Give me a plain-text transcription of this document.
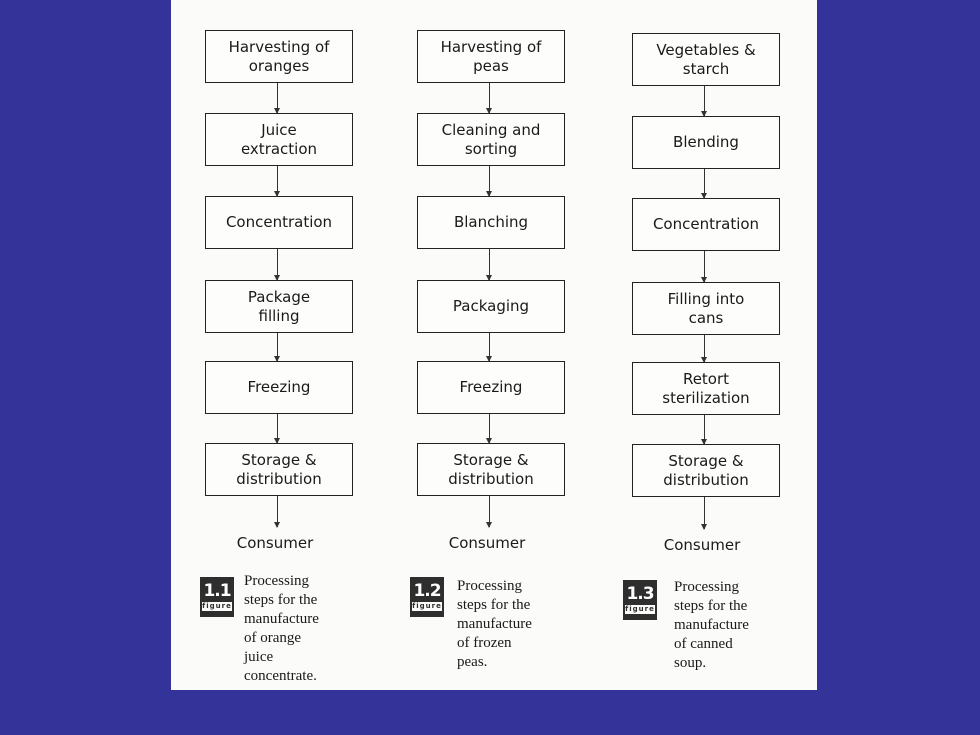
Harvesting of
oranges
Juice
extraction
Concentration
Package
filling
Freezing
Storage &
distribution
Consumer
1.1
figure
Processing
steps for the
manufacture
of orange juice
concentrate.
Harvesting of
peas
Cleaning and
sorting
Blanching
Packaging
Freezing
Storage &
distribution
Consumer
1.2
figure
Processing
steps for the
manufacture
of frozen peas.
Vegetables &
starch
Blending
Concentration
Filling into
cans
Retort
sterilization
Storage &
distribution
Consumer
1.3
figure
Processing
steps for the
manufacture
of canned
soup.
